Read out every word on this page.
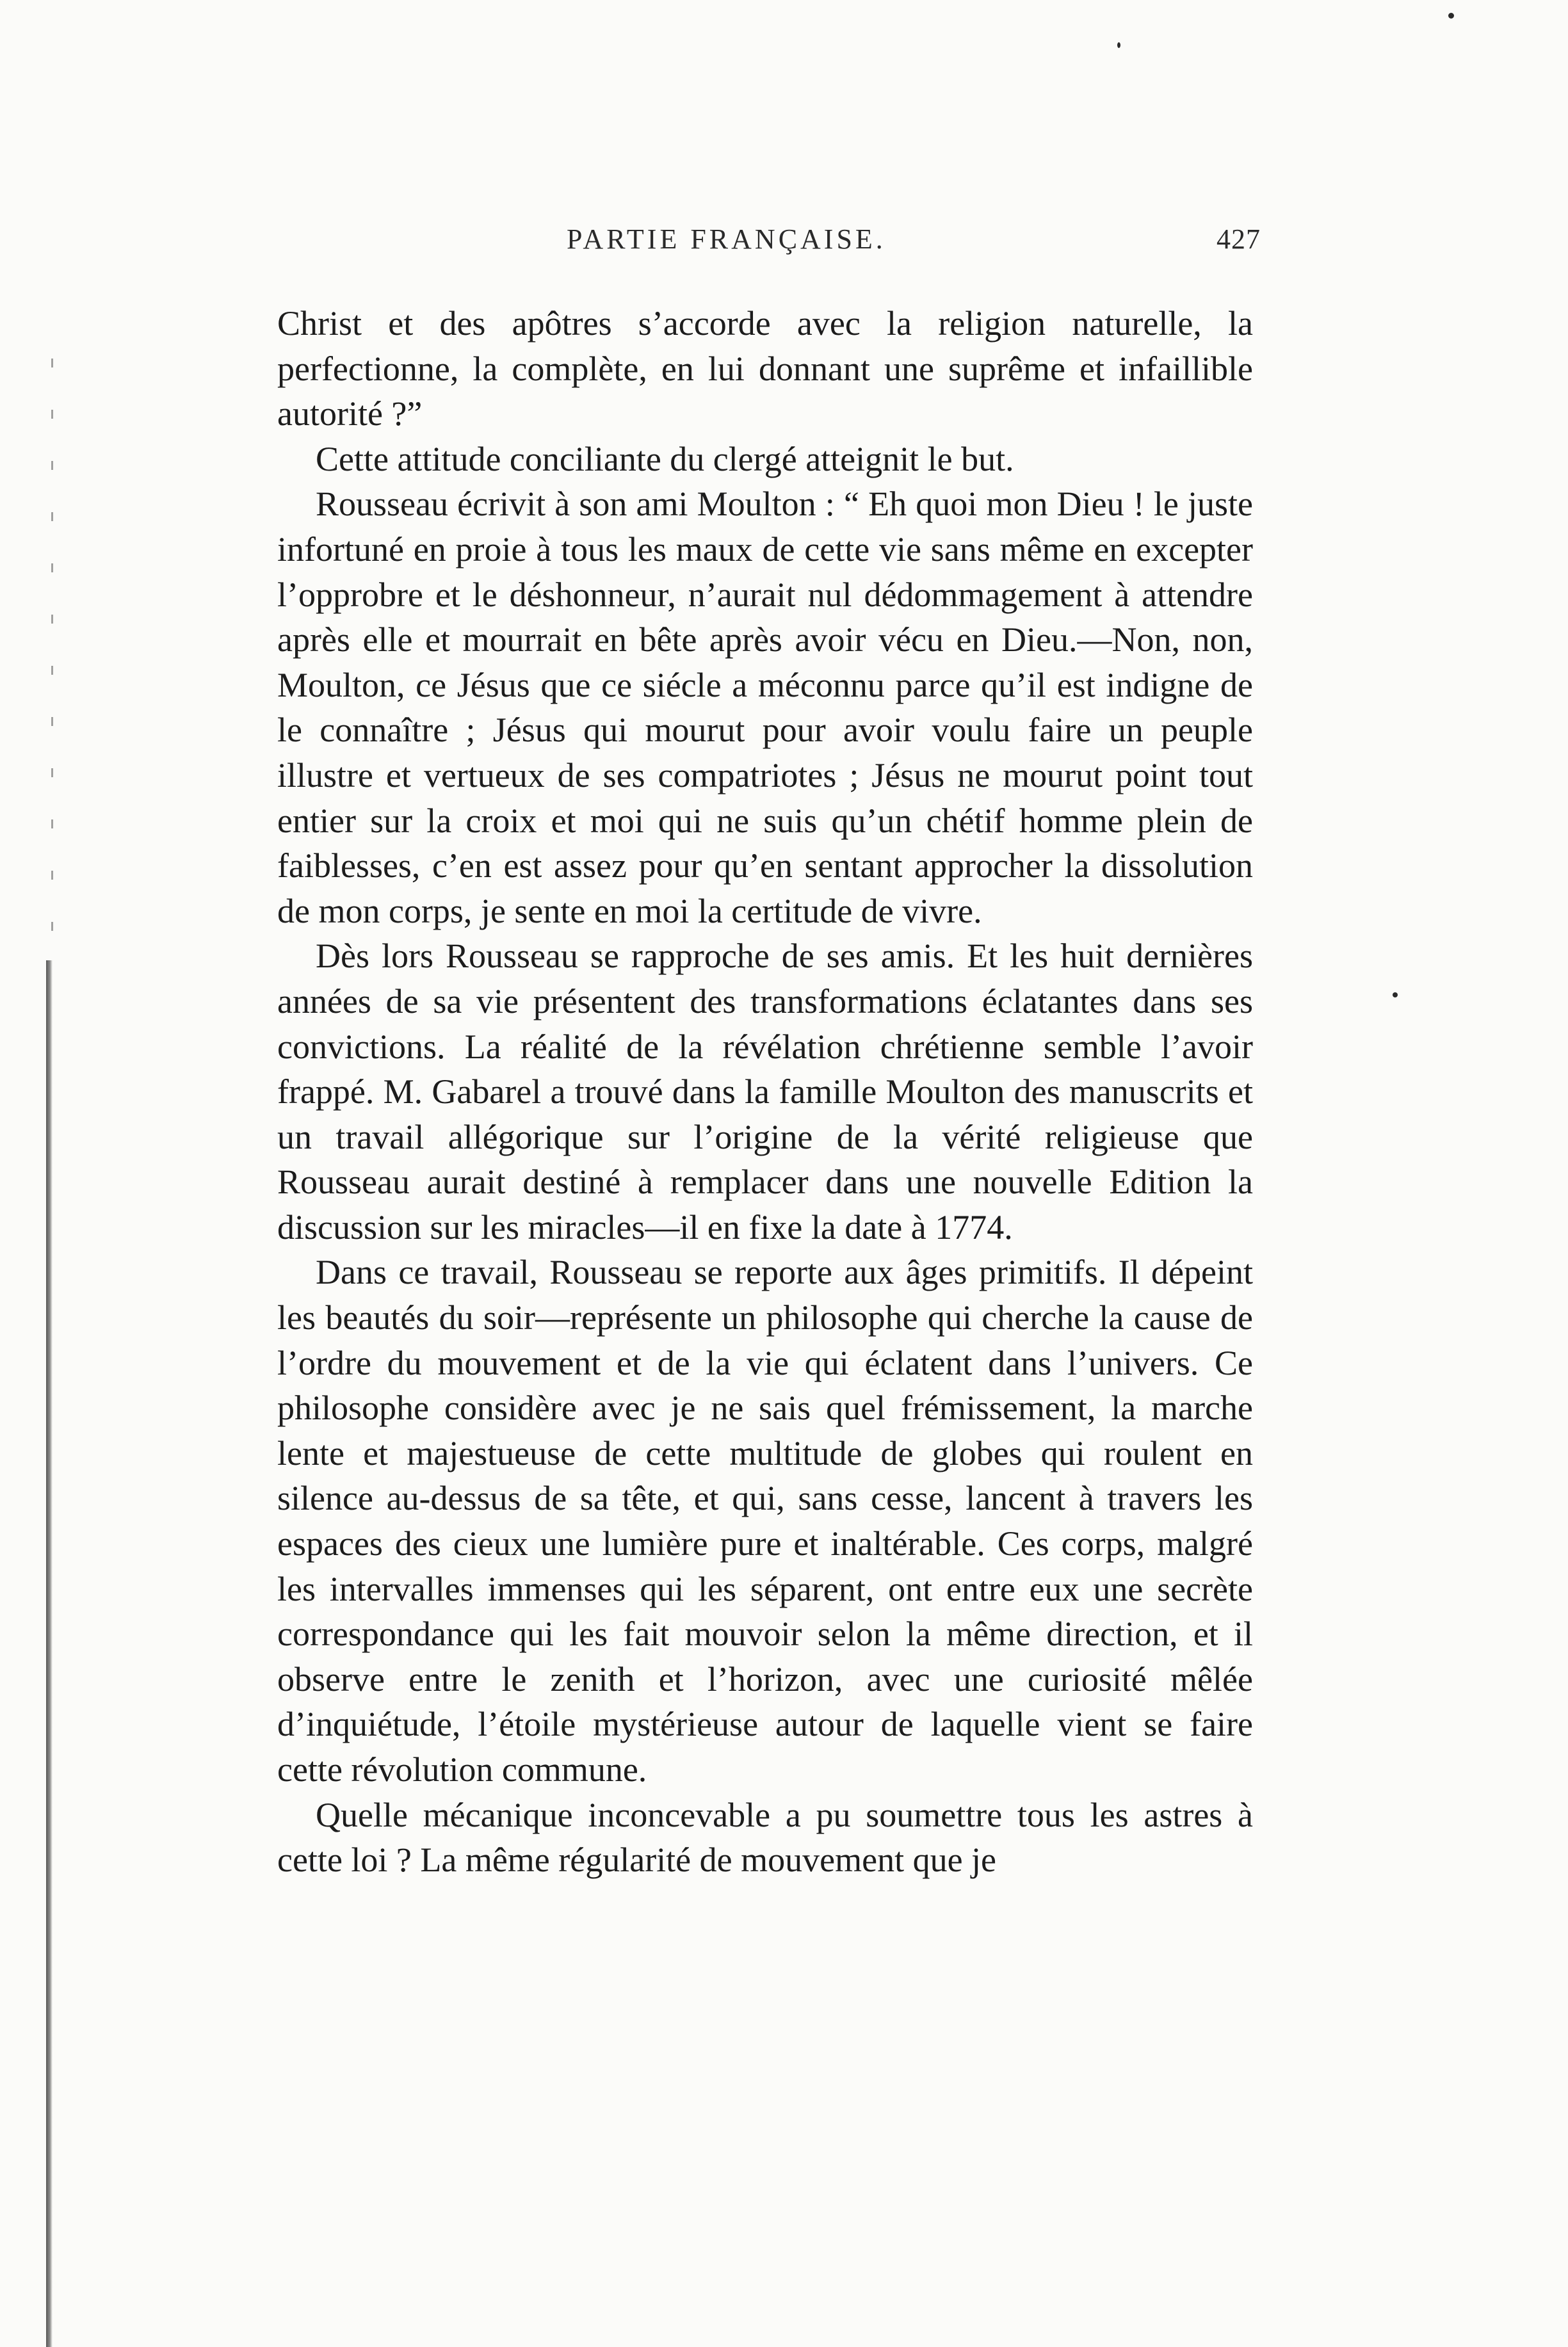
PARTIE FRANÇAISE.	427

Christ et des apôtres s’accorde avec la religion naturelle, la perfectionne, la complète, en lui donnant une suprême et infaillible autorité ?”

Cette attitude conciliante du clergé atteignit le but.

Rousseau écrivit à son ami Moulton : “ Eh quoi mon Dieu ! le juste infortuné en proie à tous les maux de cette vie sans même en excepter l’opprobre et le déshonneur, n’aurait nul dédommagement à attendre après elle et mourrait en bête après avoir vécu en Dieu.—Non, non, Moulton, ce Jésus que ce siécle a méconnu parce qu’il est indigne de le connaître ; Jésus qui mourut pour avoir voulu faire un peuple illustre et vertueux de ses compatriotes ; Jésus ne mourut point tout entier sur la croix et moi qui ne suis qu’un chétif homme plein de faiblesses, c’en est assez pour qu’en sentant approcher la dissolution de mon corps, je sente en moi la certitude de vivre.

Dès lors Rousseau se rapproche de ses amis. Et les huit dernières années de sa vie présentent des transformations éclatantes dans ses convictions. La réalité de la révélation chrétienne semble l’avoir frappé. M. Gabarel a trouvé dans la famille Moulton des manuscrits et un travail allégorique sur l’origine de la vérité religieuse que Rousseau aurait destiné à remplacer dans une nouvelle Edition la discussion sur les miracles—il en fixe la date à 1774.

Dans ce travail, Rousseau se reporte aux âges primitifs. Il dépeint les beautés du soir—représente un philosophe qui cherche la cause de l’ordre du mouvement et de la vie qui éclatent dans l’univers. Ce philosophe considère avec je ne sais quel frémissement, la marche lente et majestueuse de cette multitude de globes qui roulent en silence au-dessus de sa tête, et qui, sans cesse, lancent à travers les espaces des cieux une lumière pure et inaltérable. Ces corps, malgré les intervalles immenses qui les séparent, ont entre eux une secrète correspondance qui les fait mouvoir selon la même direction, et il observe entre le zenith et l’horizon, avec une curiosité mêlée d’inquiétude, l’étoile mystérieuse autour de laquelle vient se faire cette révolution commune.

Quelle mécanique inconcevable a pu soumettre tous les astres à cette loi ? La même régularité de mouvement que je
